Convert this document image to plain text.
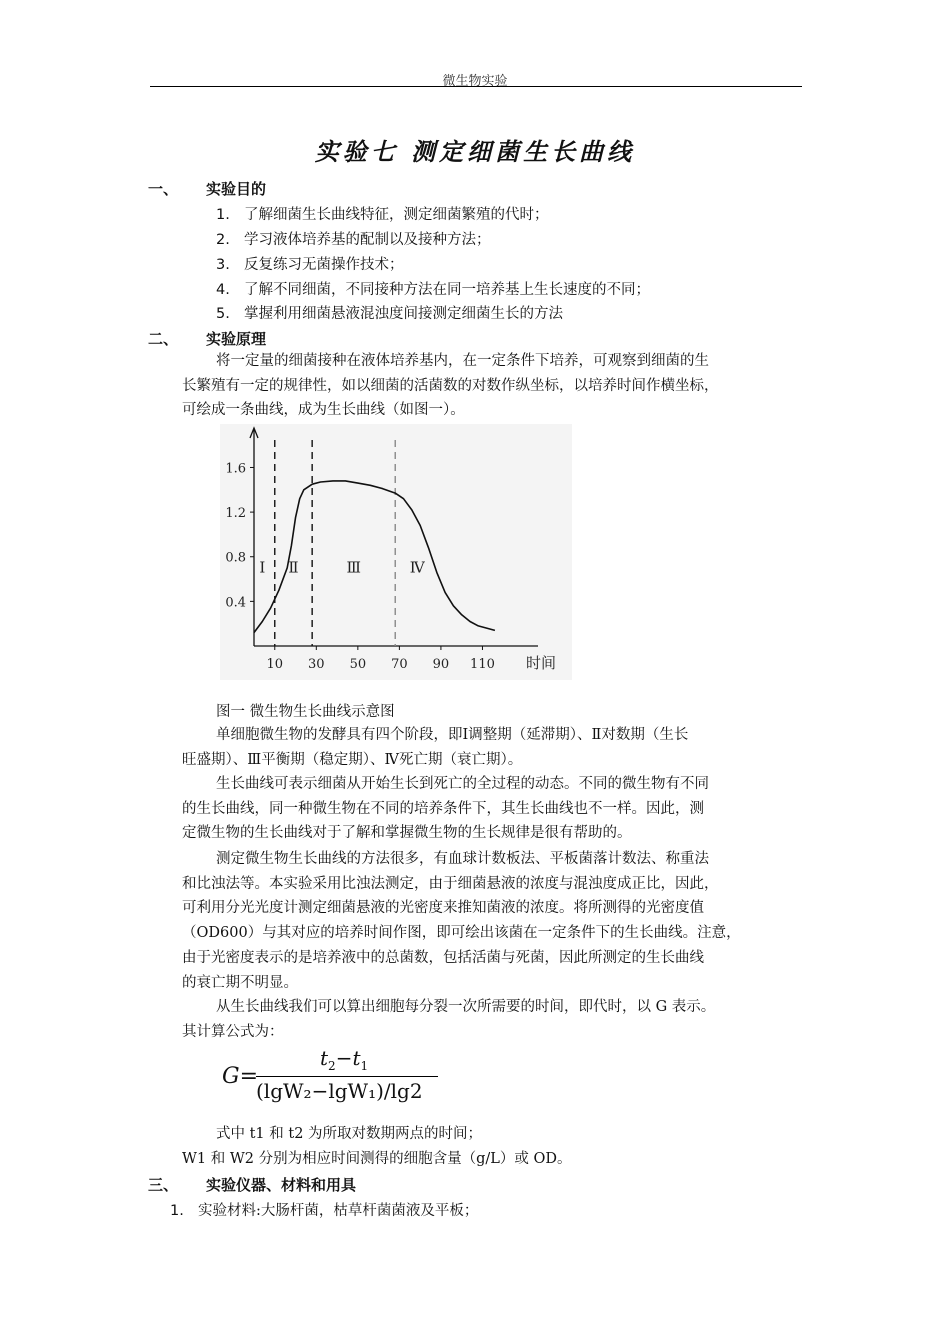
微生物实验
实验七 测定细菌生长曲线
一、 实验目的
1. 了解细菌生长曲线特征，测定细菌繁殖的代时；
2. 学习液体培养基的配制以及接种方法；
3. 反复练习无菌操作技术；
4. 了解不同细菌，不同接种方法在同一培养基上生长速度的不同；
5. 掌握利用细菌悬液混浊度间接测定细菌生长的方法
二、 实验原理
将一定量的细菌接种在液体培养基内，在一定条件下培养，可观察到细菌的生
长繁殖有一定的规律性，如以细菌的活菌数的对数作纵坐标，以培养时间作横坐标，
可绘成一条曲线，成为生长曲线（如图一）。
0.4
0.8
1.2
1.6
10 30 50 70 90 110 时间
Ⅰ Ⅱ	Ⅲ	Ⅳ
图一 微生物生长曲线示意图
单细胞微生物的发酵具有四个阶段，即Ⅰ调整期（延滞期）、Ⅱ对数期（生长
旺盛期）、Ⅲ平衡期（稳定期）、Ⅳ死亡期（衰亡期）。
生长曲线可表示细菌从开始生长到死亡的全过程的动态。不同的微生物有不同
的生长曲线，同一种微生物在不同的培养条件下，其生长曲线也不一样。因此，测
定微生物的生长曲线对于了解和掌握微生物的生长规律是很有帮助的。
测定微生物生长曲线的方法很多，有血球计数板法、平板菌落计数法、称重法
和比浊法等。本实验采用比浊法测定，由于细菌悬液的浓度与混浊度成正比，因此，
可利用分光光度计测定细菌悬液的光密度来推知菌液的浓度。将所测得的光密度值
（OD600）与其对应的培养时间作图，即可绘出该菌在一定条件下的生长曲线。注意，
由于光密度表示的是培养液中的总菌数，包括活菌与死菌，因此所测定的生长曲线
的衰亡期不明显。
从生长曲线我们可以算出细胞每分裂一次所需要的时间，即代时，以 G 表示。
其计算公式为：
G=
$t_2-t_1$
(lgW₂−lgW₁)/lg2
式中 t1 和 t2 为所取对数期两点的时间；
W1 和 W2 分别为相应时间测得的细胞含量（g/L）或 OD。
三、 实验仪器、材料和用具
1. 实验材料:大肠杆菌，枯草杆菌菌液及平板；
